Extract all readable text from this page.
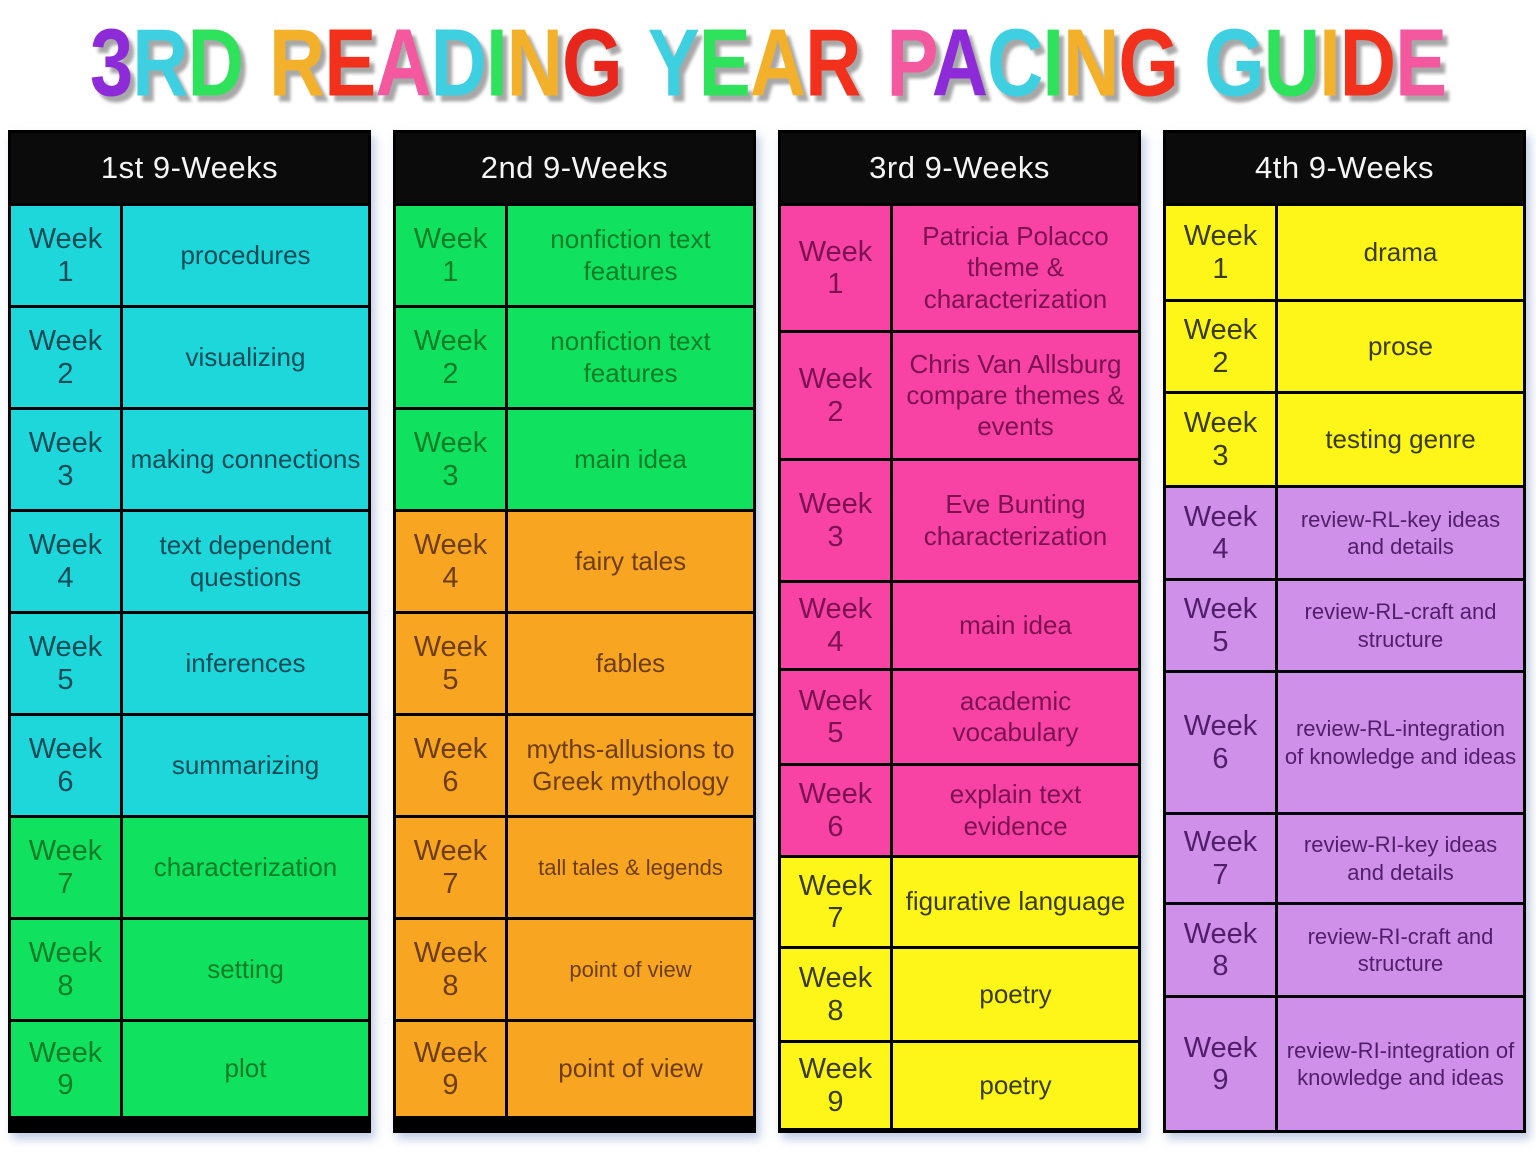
3RD READING YEAR PACING GUIDE
1st 9-Weeks
Week
1
procedures
Week
2
visualizing
Week
3
making connections
Week
4
text dependent questions
Week
5
inferences
Week
6
summarizing
Week
7
characterization
Week
8
setting
Week
9
plot
2nd 9-Weeks
Week
1
nonfiction text features
Week
2
nonfiction text features
Week
3
main idea
Week
4
fairy tales
Week
5
fables
Week
6
myths-allusions to Greek mythology
Week
7
tall tales & legends
Week
8
point of view
Week
9
point of view
3rd 9-Weeks
Week
1
Patricia Polacco theme & characterization
Week
2
Chris Van Allsburg compare themes & events
Week
3
Eve Bunting characterization
Week
4
main idea
Week
5
academic vocabulary
Week
6
explain text evidence
Week
7
figurative language
Week
8
poetry
Week
9
poetry
4th 9-Weeks
Week
1
drama
Week
2
prose
Week
3
testing genre
Week
4
review-RL-key ideas and details
Week
5
review-RL-craft and structure
Week
6
review-RL-integration of knowledge and ideas
Week
7
review-RI-key ideas and details
Week
8
review-RI-craft and structure
Week
9
review-RI-integration of knowledge and ideas
